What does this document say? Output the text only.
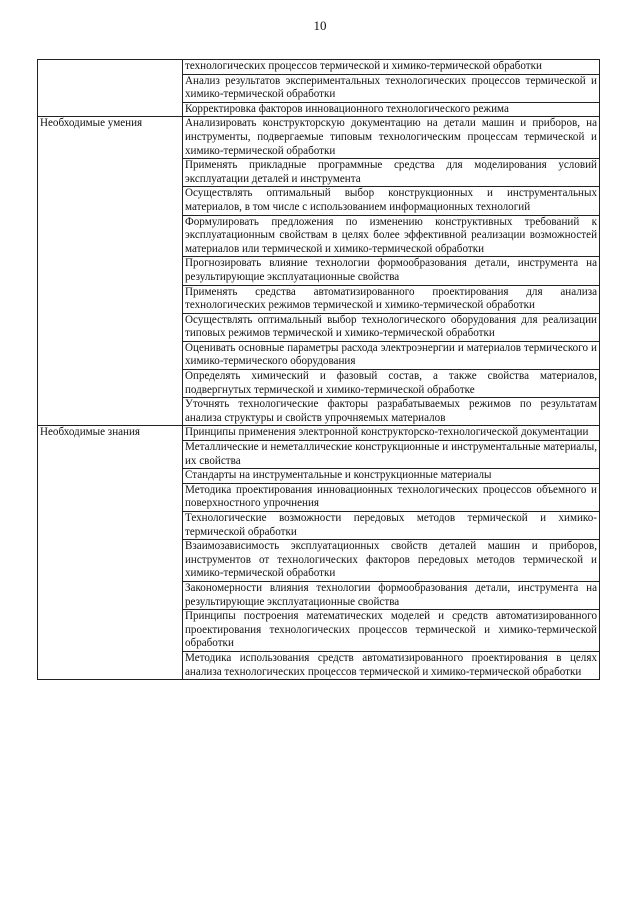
10
	технологических процессов термической и химико-термической обработки
	Анализ результатов экспериментальных технологических процессов термической и химико-термической обработки
	Корректировка факторов инновационного технологического режима
Необходимые умения	Анализировать конструкторскую документацию на детали машин и приборов, на инструменты, подвергаемые типовым технологическим процессам термической и химико-термической обработки
	Применять прикладные программные средства для моделирования условий эксплуатации деталей и инструмента
	Осуществлять оптимальный выбор конструкционных и инструментальных материалов, в том числе с использованием информационных технологий
	Формулировать предложения по изменению конструктивных требований к эксплуатационным свойствам в целях более эффективной реализации возможностей материалов или термической и химико-термической обработки
	Прогнозировать влияние технологии формообразования детали, инструмента на результирующие эксплуатационные свойства
	Применять средства автоматизированного проектирования для анализа технологических режимов термической и химико-термической обработки
	Осуществлять оптимальный выбор технологического оборудования для реализации типовых режимов термической и химико-термической обработки
	Оценивать основные параметры расхода электроэнергии и материалов термического и химико-термического оборудования
	Определять химический и фазовый состав, а также свойства материалов, подвергнутых термической и химико-термической обработке
	Уточнять технологические факторы разрабатываемых режимов по результатам анализа структуры и свойств упрочняемых материалов
Необходимые знания	Принципы применения электронной конструкторско-технологической документации
	Металлические и неметаллические конструкционные и инструментальные материалы, их свойства
	Стандарты на инструментальные и конструкционные материалы
	Методика проектирования инновационных технологических процессов объемного и поверхностного упрочнения
	Технологические возможности передовых методов термической и химико-термической обработки
	Взаимозависимость эксплуатационных свойств деталей машин и приборов, инструментов от технологических факторов передовых методов термической и химико-термической обработки
	Закономерности влияния технологии формообразования детали, инструмента на результирующие эксплуатационные свойства
	Принципы построения математических моделей и средств автоматизированного проектирования технологических процессов термической и химико-термической обработки
	Методика использования средств автоматизированного проектирования в целях анализа технологических процессов термической и химико-термической обработки
